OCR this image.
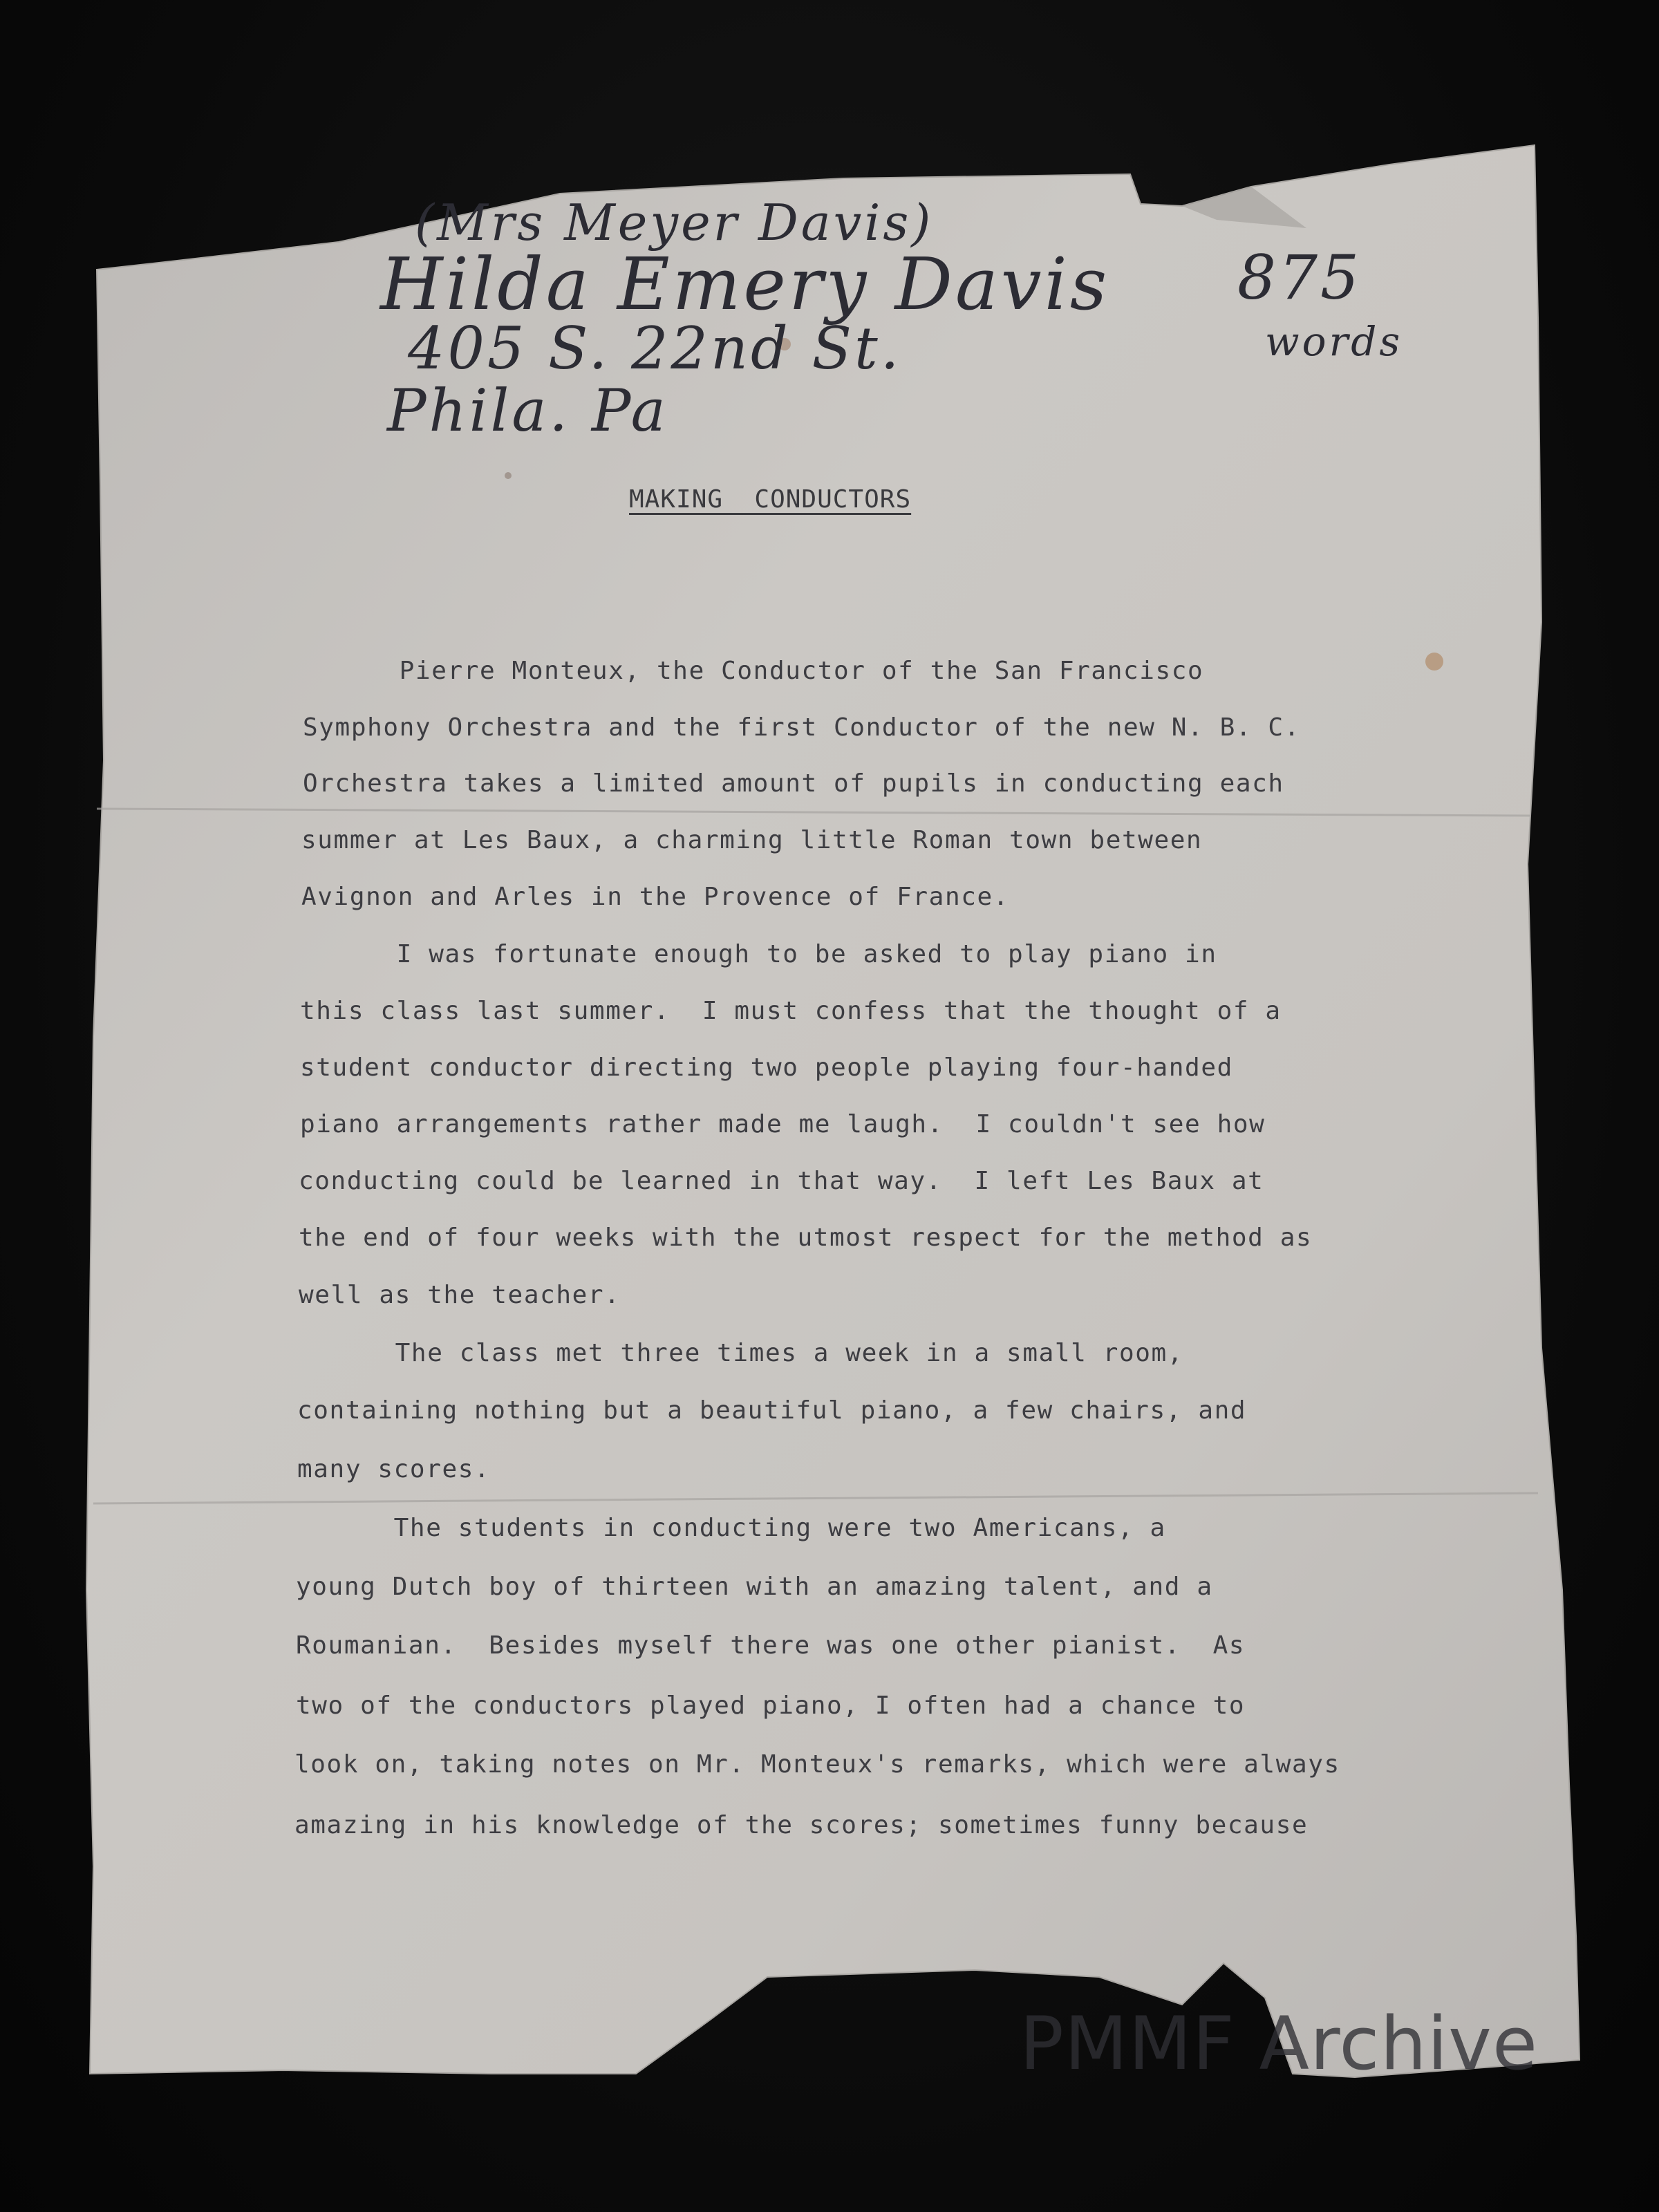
(Mrs Meyer Davis)
Hilda Emery Davis
405 S. 22nd St.
Phila. Pa
875
words
MAKING  CONDUCTORS
Pierre Monteux, the Conductor of the San Francisco
Symphony Orchestra and the first Conductor of the new N. B. C.
Orchestra takes a limited amount of pupils in conducting each
summer at Les Baux, a charming little Roman town between
Avignon and Arles in the Provence of France.
I was fortunate enough to be asked to play piano in
this class last summer.  I must confess that the thought of a
student conductor directing two people playing four-handed
piano arrangements rather made me laugh.  I couldn't see how
conducting could be learned in that way.  I left Les Baux at
the end of four weeks with the utmost respect for the method as
well as the teacher.
The class met three times a week in a small room,
containing nothing but a beautiful piano, a few chairs, and
many scores.
The students in conducting were two Americans, a
young Dutch boy of thirteen with an amazing talent, and a
Roumanian.  Besides myself there was one other pianist.  As
two of the conductors played piano, I often had a chance to
look on, taking notes on Mr. Monteux's remarks, which were always
amazing in his knowledge of the scores; sometimes funny because
PMMF Archive
